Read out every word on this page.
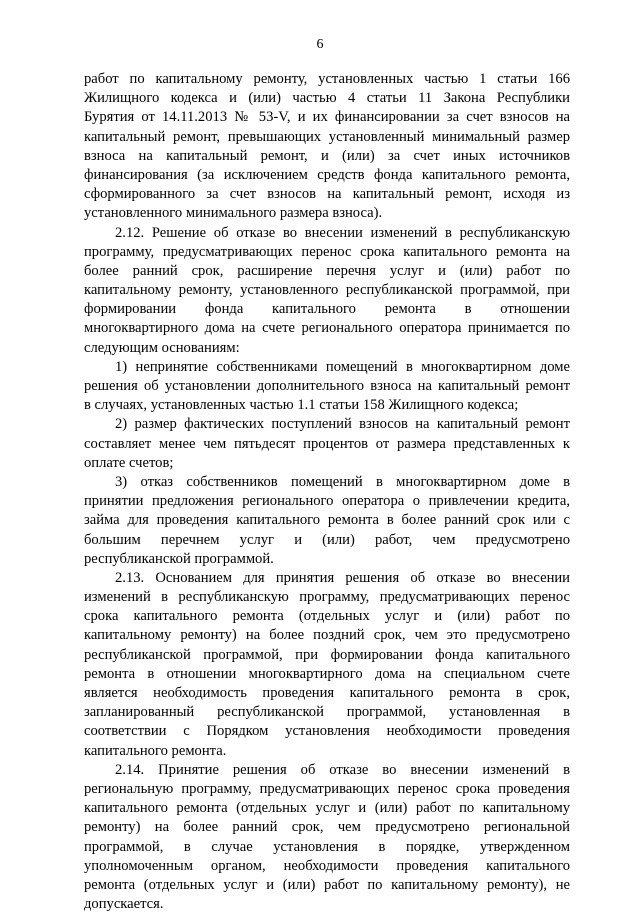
6
работ по капитальному ремонту, установленных частью 1 статьи 166
Жилищного кодекса и (или) частью 4 статьи 11 Закона Республики
Бурятия от 14.11.2013 № 53-V, и их финансировании за счет взносов на
капитальный ремонт, превышающих установленный минимальный размер
взноса на капитальный ремонт, и (или) за счет иных источников
финансирования (за исключением средств фонда капитального ремонта,
сформированного за счет взносов на капитальный ремонт, исходя из
установленного минимального размера взноса).
2.12. Решение об отказе во внесении изменений в республиканскую
программу, предусматривающих перенос срока капитального ремонта на
более ранний срок, расширение перечня услуг и (или) работ по
капитальному ремонту, установленного республиканской программой, при
формировании фонда капитального ремонта в отношении
многоквартирного дома на счете регионального оператора принимается по
следующим основаниям:
1) непринятие собственниками помещений в многоквартирном доме
решения об установлении дополнительного взноса на капитальный ремонт
в случаях, установленных частью 1.1 статьи 158 Жилищного кодекса;
2) размер фактических поступлений взносов на капитальный ремонт
составляет менее чем пятьдесят процентов от размера представленных к
оплате счетов;
3) отказ собственников помещений в многоквартирном доме в
принятии предложения регионального оператора о привлечении кредита,
займа для проведения капитального ремонта в более ранний срок или с
большим перечнем услуг и (или) работ, чем предусмотрено
республиканской программой.
2.13. Основанием для принятия решения об отказе во внесении
изменений в республиканскую программу, предусматривающих перенос
срока капитального ремонта (отдельных услуг и (или) работ по
капитальному ремонту) на более поздний срок, чем это предусмотрено
республиканской программой, при формировании фонда капитального
ремонта в отношении многоквартирного дома на специальном счете
является необходимость проведения капитального ремонта в срок,
запланированный республиканской программой, установленная в
соответствии с Порядком установления необходимости проведения
капитального ремонта.
2.14. Принятие решения об отказе во внесении изменений в
региональную программу, предусматривающих перенос срока проведения
капитального ремонта (отдельных услуг и (или) работ по капитальному
ремонту) на более ранний срок, чем предусмотрено региональной
программой, в случае установления в порядке, утвержденном
уполномоченным органом, необходимости проведения капитального
ремонта (отдельных услуг и (или) работ по капитальному ремонту), не
допускается.
